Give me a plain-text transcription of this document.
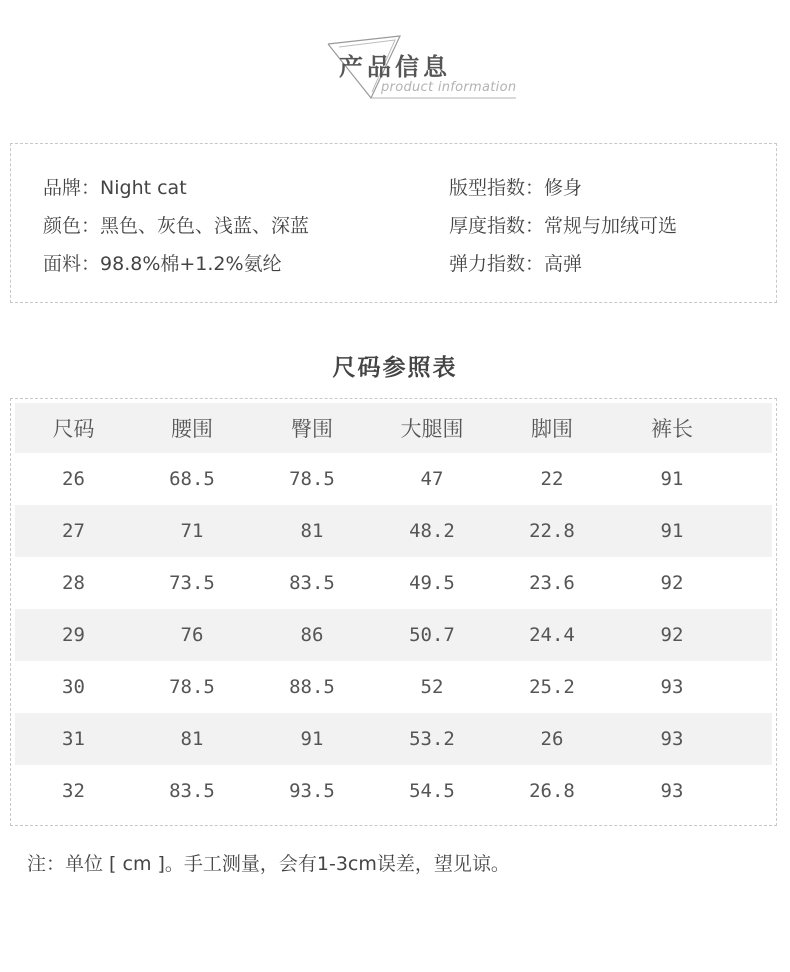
产品信息
product information
品牌：Night cat
颜色：黑色、灰色、浅蓝、深蓝
面料：98.8%棉+1.2%氨纶
版型指数：修身
厚度指数：常规与加绒可选
弹力指数：高弹
尺码参照表
尺码	腰围	臀围	大腿围	脚围	裤长
26	68.5	78.5	47	22	91
27	71	81	48.2	22.8	91
28	73.5	83.5	49.5	23.6	92
29	76	86	50.7	24.4	92
30	78.5	88.5	52	25.2	93
31	81	91	53.2	26	93
32	83.5	93.5	54.5	26.8	93
注：单位 [ cm ]。手工测量，会有1-3cm误差，望见谅。
